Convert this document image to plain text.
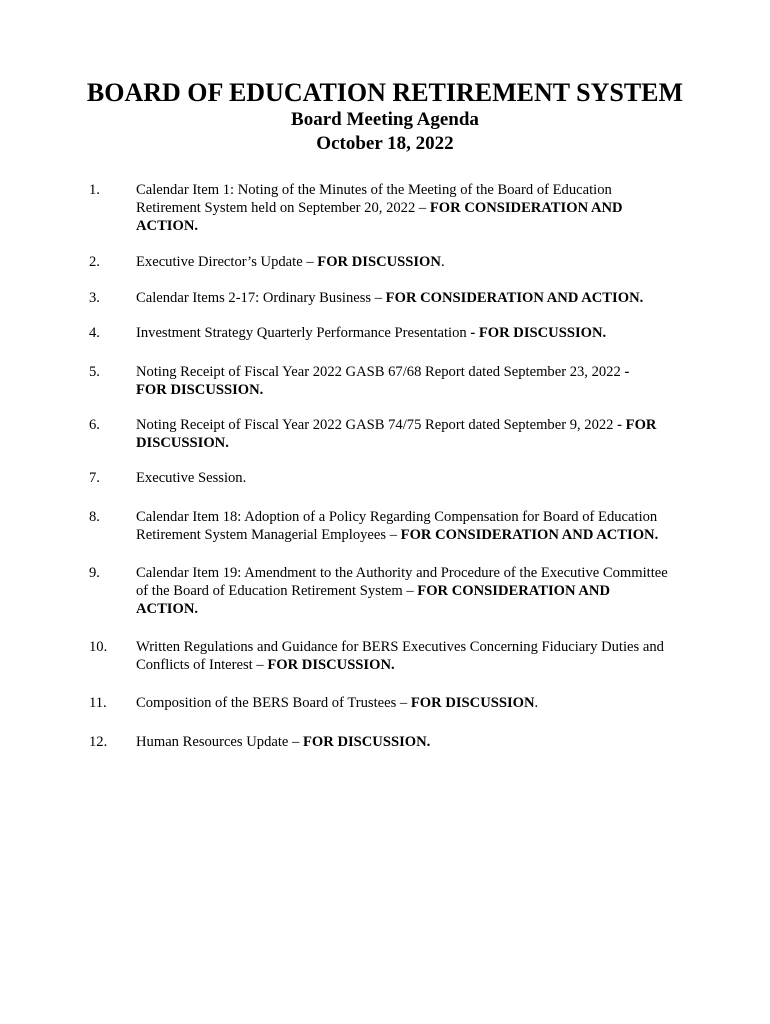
BOARD OF EDUCATION RETIREMENT SYSTEM
Board Meeting Agenda
October 18, 2022
1. Calendar Item 1: Noting of the Minutes of the Meeting of the Board of Education Retirement System held on September 20, 2022 – FOR CONSIDERATION AND ACTION.
2. Executive Director’s Update – FOR DISCUSSION.
3. Calendar Items 2-17: Ordinary Business – FOR CONSIDERATION AND ACTION.
4. Investment Strategy Quarterly Performance Presentation - FOR DISCUSSION.
5. Noting Receipt of Fiscal Year 2022 GASB 67/68 Report dated September 23, 2022 - FOR DISCUSSION.
6. Noting Receipt of Fiscal Year 2022 GASB 74/75 Report dated September 9, 2022 - FOR DISCUSSION.
7. Executive Session.
8. Calendar Item 18: Adoption of a Policy Regarding Compensation for Board of Education Retirement System Managerial Employees – FOR CONSIDERATION AND ACTION.
9. Calendar Item 19: Amendment to the Authority and Procedure of the Executive Committee of the Board of Education Retirement System – FOR CONSIDERATION AND ACTION.
10. Written Regulations and Guidance for BERS Executives Concerning Fiduciary Duties and Conflicts of Interest – FOR DISCUSSION.
11. Composition of the BERS Board of Trustees – FOR DISCUSSION.
12. Human Resources Update – FOR DISCUSSION.
